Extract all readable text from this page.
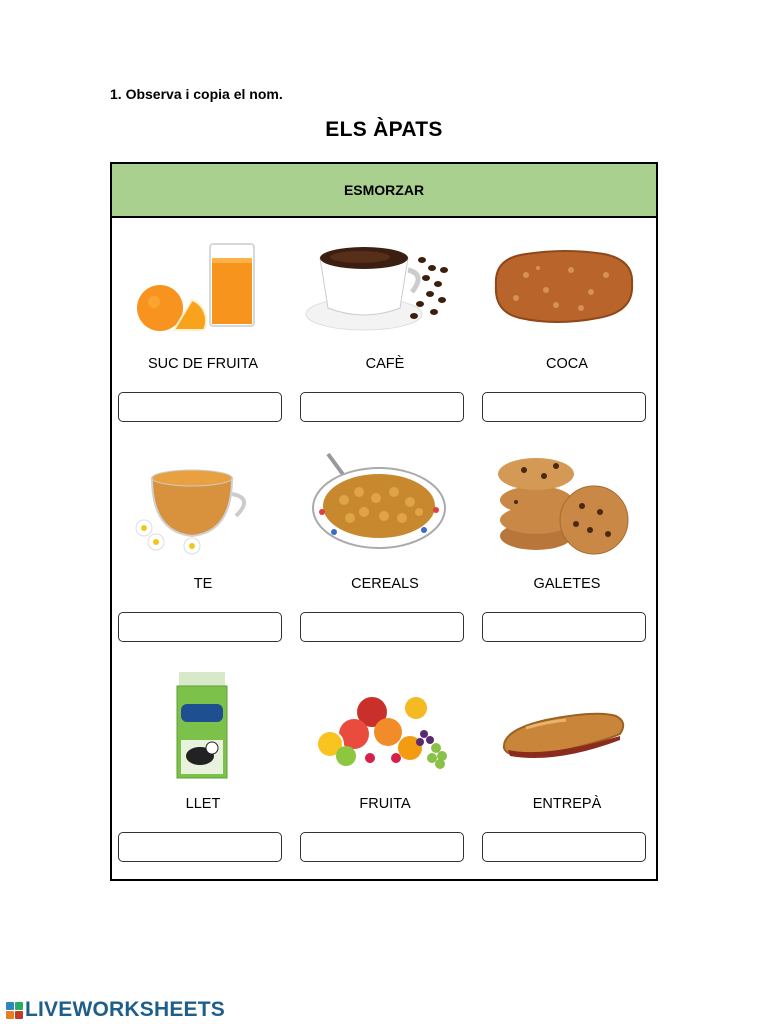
1. Observa i copia el nom.
ELS ÀPATS
ESMORZAR
SUC DE FRUITA	CAFÈ	COCA
TE	CEREALS	GALETES
LLET	FRUITA	ENTREPÀ
LIVEWORKSHEETS
